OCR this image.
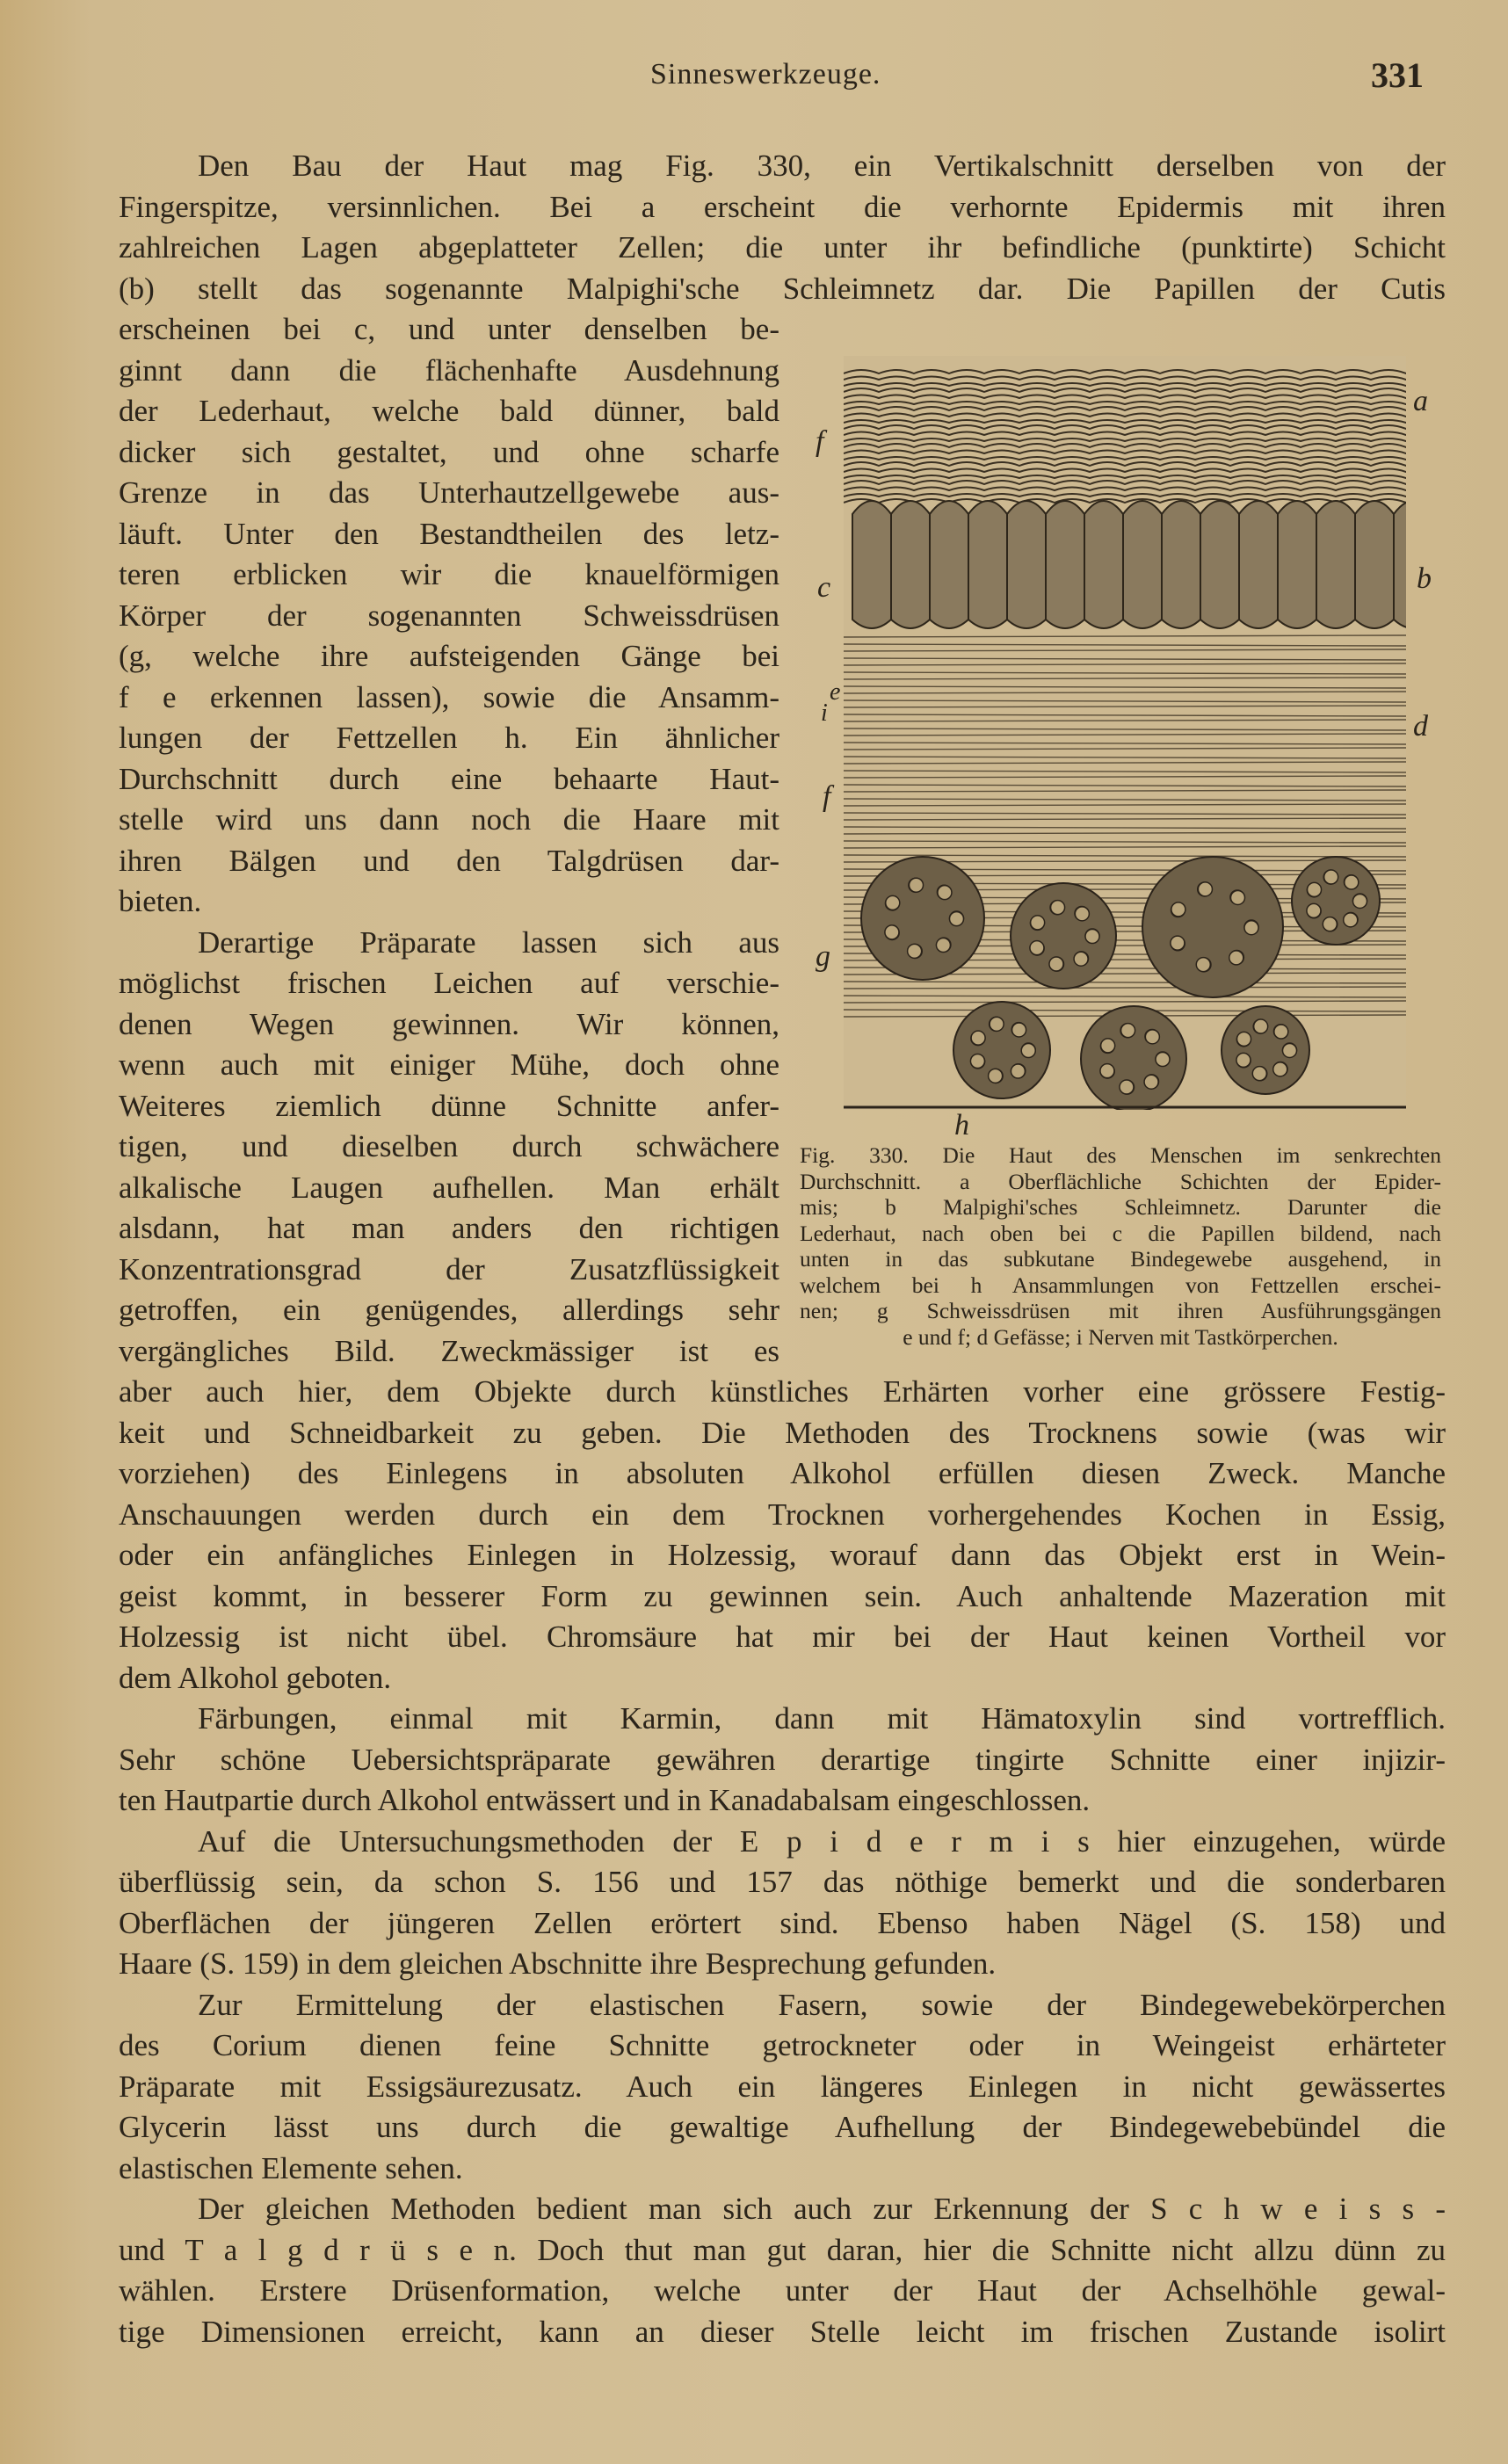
Sinneswerkzeuge.	331
Den Bau der Haut mag Fig. 330, ein Vertikalschnitt derselben von der
Fingerspitze, versinnlichen. Bei a erscheint die verhornte Epidermis mit ihren
zahlreichen Lagen abgeplatteter Zellen; die unter ihr befindliche (punktirte) Schicht
(b) stellt das sogenannte Malpighi'sche Schleimnetz dar. Die Papillen der Cutis
erscheinen bei c, und unter denselben be-
ginnt dann die flächenhafte Ausdehnung
der Lederhaut, welche bald dünner, bald
dicker sich gestaltet, und ohne scharfe
Grenze in das Unterhautzellgewebe aus-
läuft. Unter den Bestandtheilen des letz-
teren erblicken wir die knauelförmigen
Körper der sogenannten Schweissdrüsen
(g, welche ihre aufsteigenden Gänge bei
f e erkennen lassen), sowie die Ansamm-
lungen der Fettzellen h. Ein ähnlicher
Durchschnitt durch eine behaarte Haut-
stelle wird uns dann noch die Haare mit
ihren Bälgen und den Talgdrüsen dar-
bieten.
Derartige Präparate lassen sich aus
möglichst frischen Leichen auf verschie-
denen Wegen gewinnen. Wir können,
wenn auch mit einiger Mühe, doch ohne
Weiteres ziemlich dünne Schnitte anfer-
tigen, und dieselben durch schwächere
alkalische Laugen aufhellen. Man erhält
alsdann, hat man anders den richtigen
Konzentrationsgrad der Zusatzflüssigkeit
getroffen, ein genügendes, allerdings sehr
vergängliches Bild. Zweckmässiger ist es
aber auch hier, dem Objekte durch künstliches Erhärten vorher eine grössere Festig-
keit und Schneidbarkeit zu geben. Die Methoden des Trocknens sowie (was wir
vorziehen) des Einlegens in absoluten Alkohol erfüllen diesen Zweck. Manche
Anschauungen werden durch ein dem Trocknen vorhergehendes Kochen in Essig,
oder ein anfängliches Einlegen in Holzessig, worauf dann das Objekt erst in Wein-
geist kommt, in besserer Form zu gewinnen sein. Auch anhaltende Mazeration mit
Holzessig ist nicht übel. Chromsäure hat mir bei der Haut keinen Vortheil vor
dem Alkohol geboten.
Färbungen, einmal mit Karmin, dann mit Hämatoxylin sind vortrefflich.
Sehr schöne Uebersichtspräparate gewähren derartige tingirte Schnitte einer injizir-
ten Hautpartie durch Alkohol entwässert und in Kanadabalsam eingeschlossen.
Auf die Untersuchungsmethoden der E p i d e r m i s hier einzugehen, würde
überflüssig sein, da schon S. 156 und 157 das nöthige bemerkt und die sonderbaren
Oberflächen der jüngeren Zellen erörtert sind. Ebenso haben Nägel (S. 158) und
Haare (S. 159) in dem gleichen Abschnitte ihre Besprechung gefunden.
Zur Ermittelung der elastischen Fasern, sowie der Bindegewebekörperchen
des Corium dienen feine Schnitte getrockneter oder in Weingeist erhärteter
Präparate mit Essigsäurezusatz. Auch ein längeres Einlegen in nicht gewässertes
Glycerin lässt uns durch die gewaltige Aufhellung der Bindegewebebündel die
elastischen Elemente sehen.
Der gleichen Methoden bedient man sich auch zur Erkennung der S c h w e i s s -
und T a l g d r ü s e n. Doch thut man gut daran, hier die Schnitte nicht allzu dünn zu
wählen. Erstere Drüsenformation, welche unter der Haut der Achselhöhle gewal-
tige Dimensionen erreicht, kann an dieser Stelle leicht im frischen Zustande isolirt
a
b
d
f
c
e
i
f
g
h
Fig. 330. Die Haut des Menschen im senkrechten
Durchschnitt. a Oberflächliche Schichten der Epider-
mis; b Malpighi'sches Schleimnetz. Darunter die
Lederhaut, nach oben bei c die Papillen bildend, nach
unten in das subkutane Bindegewebe ausgehend, in
welchem bei h Ansammlungen von Fettzellen erschei-
nen; g Schweissdrüsen mit ihren Ausführungsgängen
e und f; d Gefässe; i Nerven mit Tastkörperchen.
